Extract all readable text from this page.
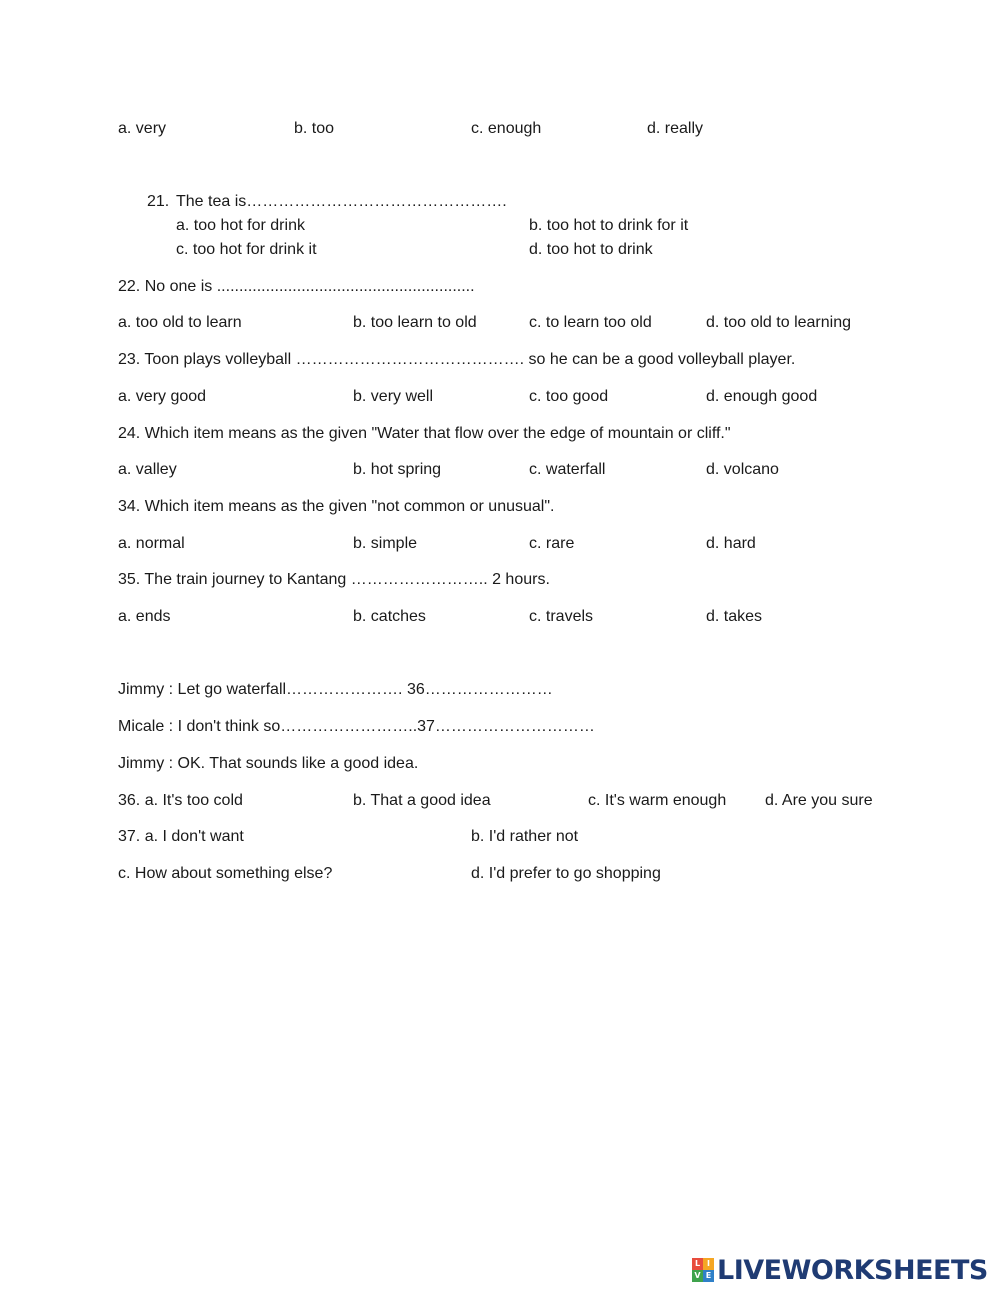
a. very	b. too	c. enough	d. really
21. The tea is………………………………………….
a. too hot for drink	b. too hot to drink for it
c. too hot for drink it	d. too hot to drink
22. No one is ..........................................................
a. too old to learn	b. too learn to old	c. to learn too old	d. too old to learning
23. Toon plays volleyball ……………………………………. so he can be a good volleyball player.
a. very good	b. very well	c. too good	d. enough good
24. Which item means as the given "Water that flow over the edge of mountain or cliff."
a. valley	b. hot spring	c. waterfall	d. volcano
34. Which item means as the given "not common or unusual".
a. normal	b. simple	c. rare	d. hard
35. The train journey to Kantang …………………….. 2 hours.
a. ends	b. catches	c. travels	d. takes
Jimmy : Let go waterfall…………………. 36……………………
Micale : I don't think so……………………..37…………………………
Jimmy : OK. That sounds like a good idea.
36. a. It's too cold	b. That a good idea	c. It's warm enough d. Are you sure
37. a. I don't want	b. I'd rather not
c. How about something else?	d. I'd prefer to go shopping
L I
V E LIVEWORKSHEETS
